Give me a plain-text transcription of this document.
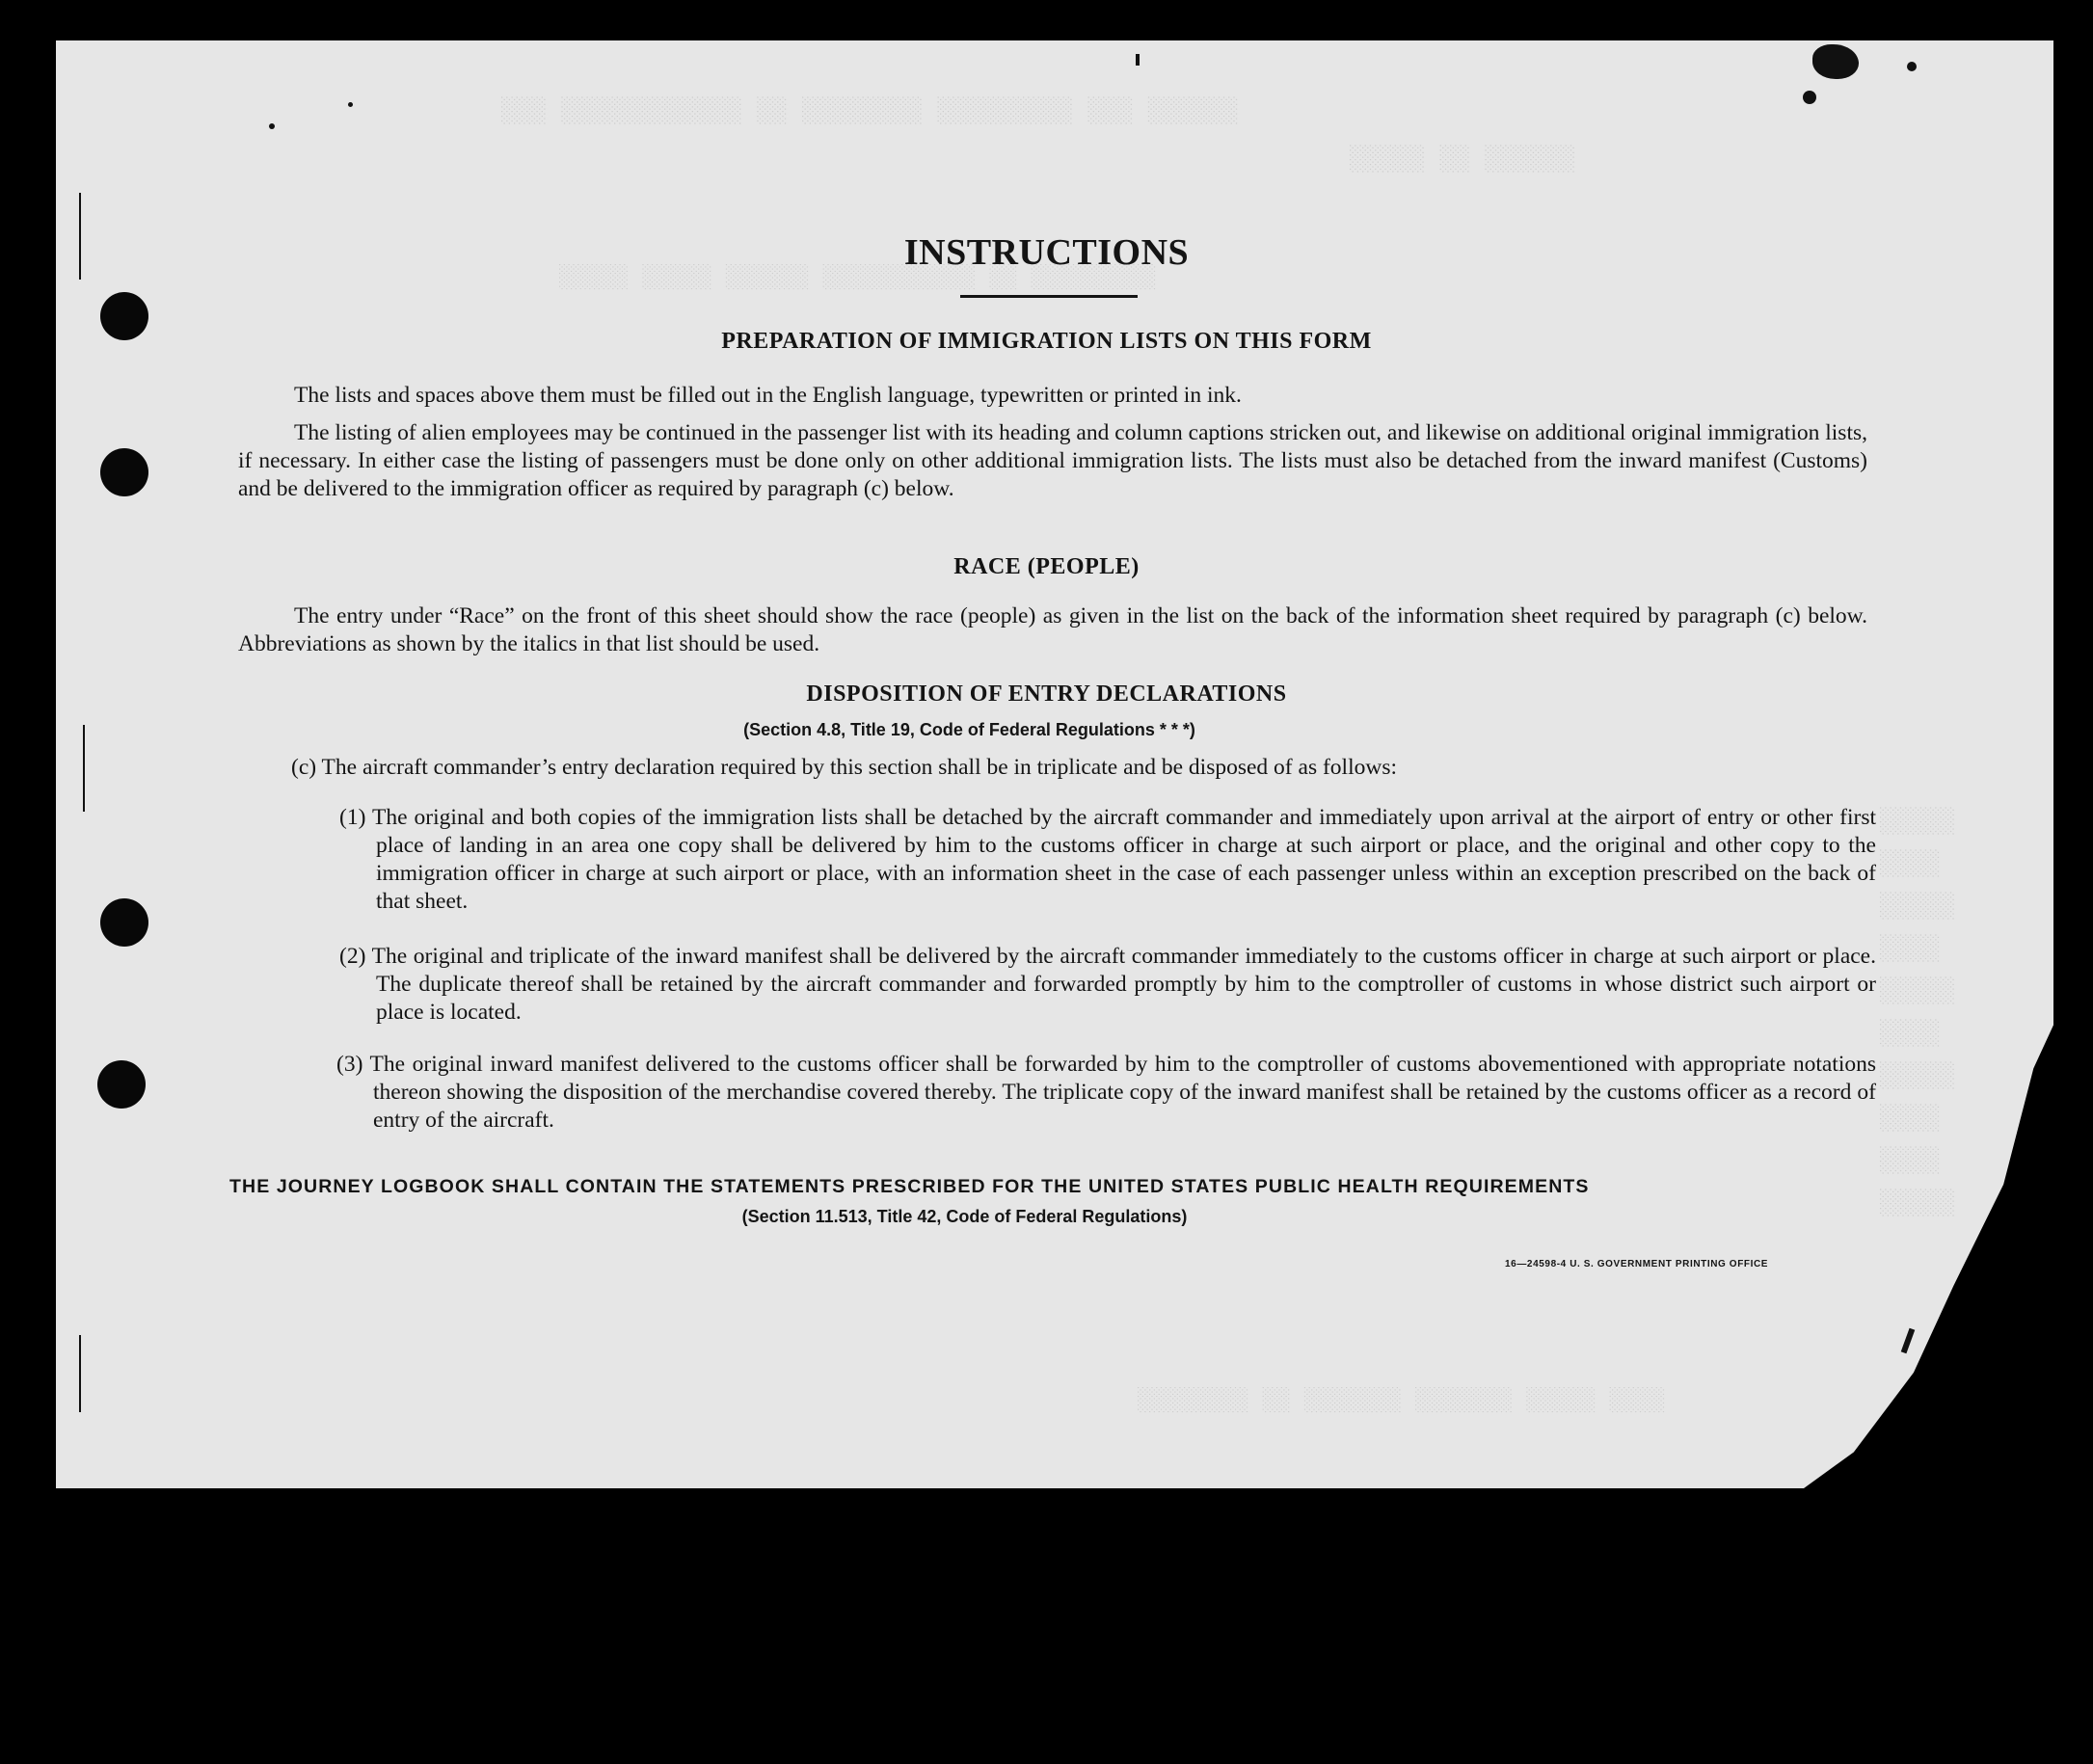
░░░ ░░░░░░░░░░░░ ░░ ░░░░░░░░ ░░░░░░░░░ ░░░ ░░░░░░
░░░░░ ░░ ░░░░░░
░░░░░ ░░░░░ ░░░░░░ ░░░░░░░░░░░ ░░ ░░░░░░░░░
░░░░░
░░░░
░░░░░
░░░░
░░░░░
░░░░
░░░░░
░░░░
░░░░
░░░░░
░░░░░░░░ ░░ ░░░░░░░ ░░░░░░░ ░░░░░ ░░░░
INSTRUCTIONS
PREPARATION OF IMMIGRATION LISTS ON THIS FORM
The lists and spaces above them must be filled out in the English language, typewritten or printed in ink.
The listing of alien employees may be continued in the passenger list with its heading and column captions stricken out, and likewise on additional original immigration lists, if necessary. In either case the listing of passengers must be done only on other additional immigration lists. The lists must also be detached from the inward manifest (Customs) and be delivered to the immigration officer as required by paragraph (c) below.
RACE (PEOPLE)
The entry under “Race” on the front of this sheet should show the race (people) as given in the list on the back of the information sheet required by paragraph (c) below. Abbreviations as shown by the italics in that list should be used.
DISPOSITION OF ENTRY DECLARATIONS
(Section 4.8, Title 19, Code of Federal Regulations * * *)
(c) The aircraft commander’s entry declaration required by this section shall be in triplicate and be disposed of as follows:
(1) The original and both copies of the immigration lists shall be detached by the aircraft commander and immediately upon arrival at the airport of entry or other first place of landing in an area one copy shall be delivered by him to the customs officer in charge at such airport or place, and the original and other copy to the immigration officer in charge at such airport or place, with an information sheet in the case of each passenger unless within an exception prescribed on the back of that sheet.
(2) The original and triplicate of the inward manifest shall be delivered by the aircraft commander immediately to the customs officer in charge at such airport or place. The duplicate thereof shall be retained by the aircraft commander and forwarded promptly by him to the comptroller of customs in whose district such airport or place is located.
(3) The original inward manifest delivered to the customs officer shall be forwarded by him to the comptroller of customs abovementioned with appropriate notations thereon showing the disposition of the merchandise covered thereby. The triplicate copy of the inward manifest shall be retained by the customs officer as a record of entry of the aircraft.
THE JOURNEY LOGBOOK SHALL CONTAIN THE STATEMENTS PRESCRIBED FOR THE UNITED STATES PUBLIC HEALTH REQUIREMENTS
(Section 11.513, Title 42, Code of Federal Regulations)
16—24598-4 U. S. GOVERNMENT PRINTING OFFICE
